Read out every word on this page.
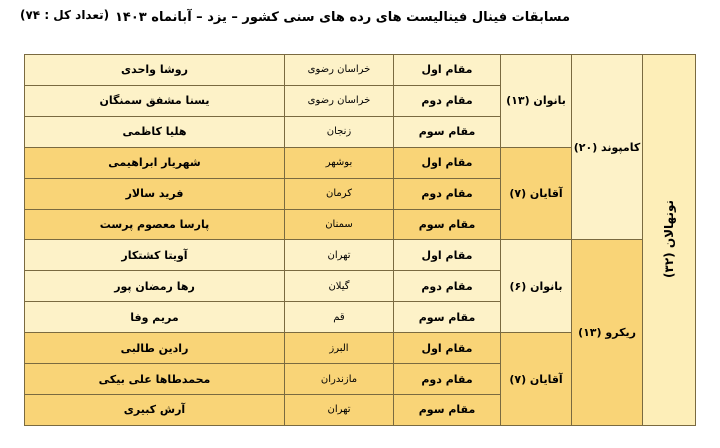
مسابقات فینال فینالیست های رده های سنی کشور – یزد – آبانماه ۱۴۰۳
(تعداد کل : ۷۴)
نونهالان (۳۲)	کامپوند (۲۰)	بانوان (۱۳)	مقام اول	خراسان رضوی	روشا واحدی
			مقام دوم	خراسان رضوی	یسنا مشفق سمنگان
			مقام سوم	زنجان	هلیا کاظمی
		آقایان (۷)	مقام اول	بوشهر	شهریار ابراهیمی
			مقام دوم	کرمان	فرید سالار
			مقام سوم	سمنان	پارسا معصوم پرست
	ریکرو (۱۳)	بانوان (۶)	مقام اول	تهران	آویتا کشتکار
			مقام دوم	گیلان	رها رمضان پور
			مقام سوم	قم	مریم وفا
		آقایان (۷)	مقام اول	البرز	رادین طالبی
			مقام دوم	مازندران	محمدطاها علی بیکی
			مقام سوم	تهران	آرش کبیری
